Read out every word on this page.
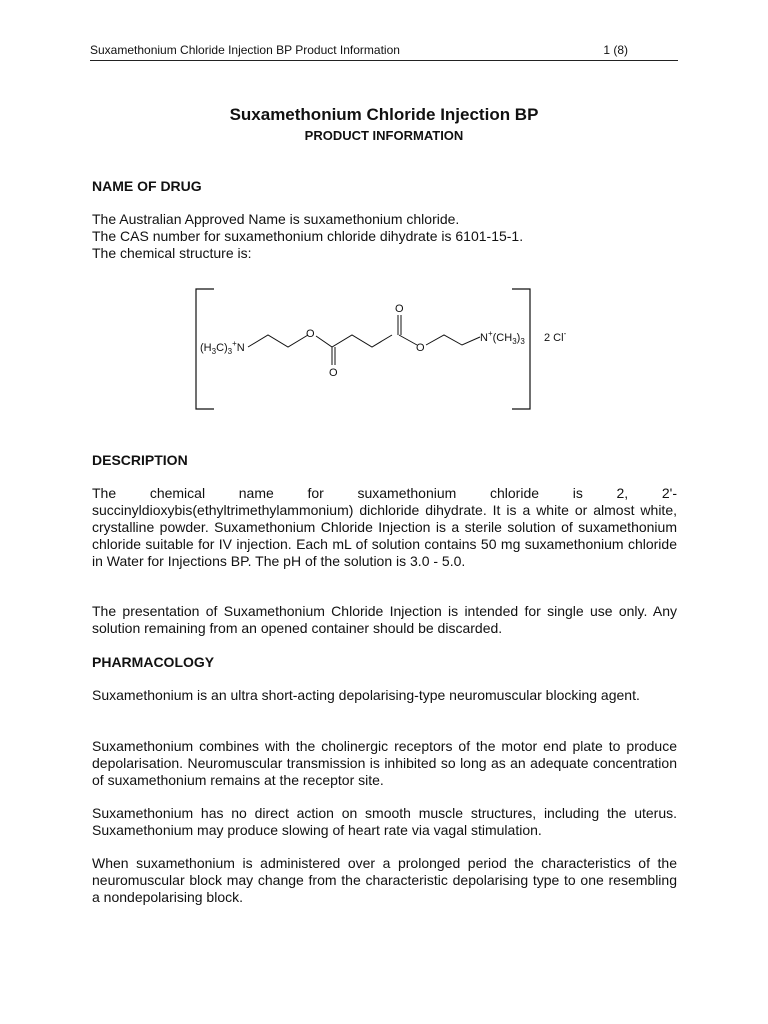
Suxamethonium Chloride Injection BP Product Information	1 (8)
Suxamethonium Chloride Injection BP
PRODUCT INFORMATION
NAME OF DRUG
The Australian Approved Name is suxamethonium chloride.
The CAS number for suxamethonium chloride dihydrate is 6101-15-1.
The chemical structure is:
$(H_3C)_3^+N$
O
O
O
O
$N^+(CH_3)_3$ 2 Cl-
DESCRIPTION
The chemical name for suxamethonium chloride is 2, 2'-succinyldioxybis(ethyltrimethylammonium) dichloride dihydrate. It is a white or almost white, crystalline powder. Suxamethonium Chloride Injection is a sterile solution of suxamethonium chloride suitable for IV injection. Each mL of solution contains 50 mg suxamethonium chloride in Water for Injections BP. The pH of the solution is 3.0 - 5.0.
The presentation of Suxamethonium Chloride Injection is intended for single use only. Any solution remaining from an opened container should be discarded.
PHARMACOLOGY
Suxamethonium is an ultra short-acting depolarising-type neuromuscular blocking agent.
Suxamethonium combines with the cholinergic receptors of the motor end plate to produce depolarisation. Neuromuscular transmission is inhibited so long as an adequate concentration of suxamethonium remains at the receptor site.
Suxamethonium has no direct action on smooth muscle structures, including the uterus. Suxamethonium may produce slowing of heart rate via vagal stimulation.
When suxamethonium is administered over a prolonged period the characteristics of the neuromuscular block may change from the characteristic depolarising type to one resembling a nondepolarising block.
